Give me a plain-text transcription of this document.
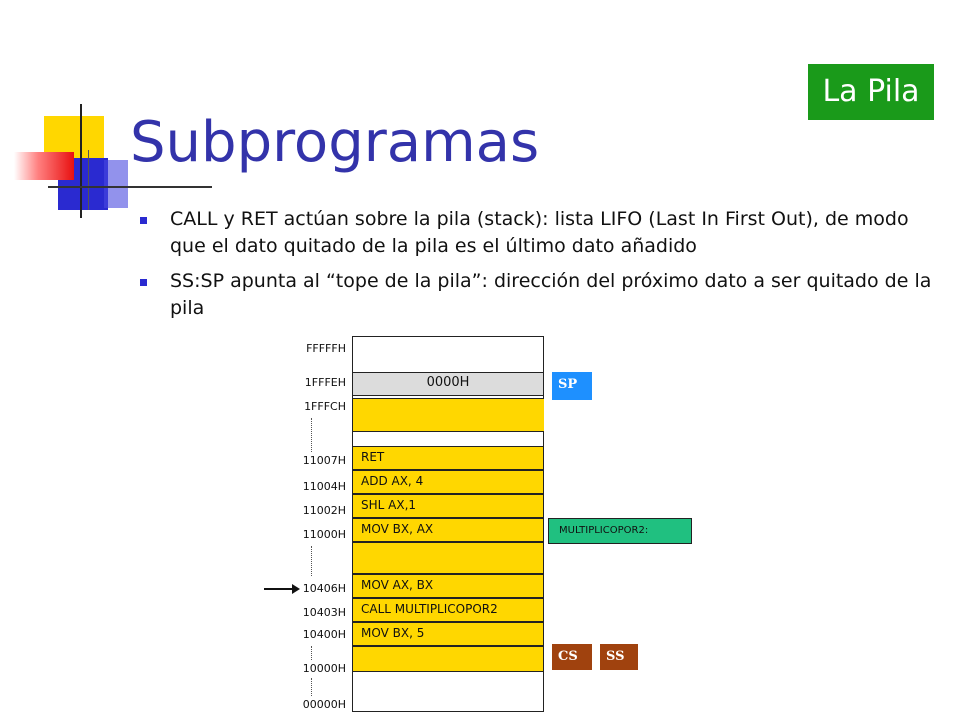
Subprogramas
La Pila
CALL y RET actúan sobre la pila (stack): lista LIFO (Last In First Out), de modo que el dato quitado de la pila es el último dato añadido
SS:SP apunta al “tope de la pila”: dirección del próximo dato a ser quitado de la pila
0000H
RET
ADD AX, 4
SHL AX,1
MOV BX, AX
MOV AX, BX
CALL MULTIPLICOPOR2
MOV BX, 5
FFFFFH
1FFFEH
1FFFCH
11007H
11004H
11002H
11000H
10406H
10403H
10400H
10000H
00000H
SP
MULTIPLICOPOR2:
CS	SS
